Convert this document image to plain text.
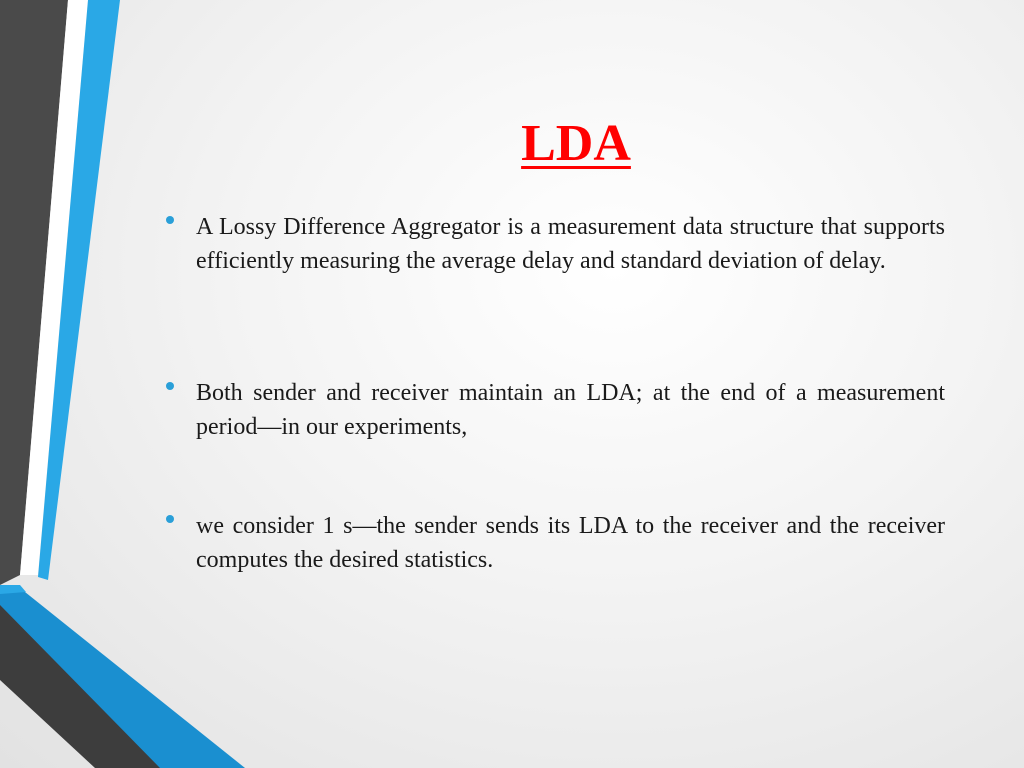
LDA
A Lossy Difference Aggregator is a measurement data structure that supports efficiently measuring the average delay and standard deviation of delay.
Both sender and receiver maintain an LDA; at the end of a measurement period—in our experiments,
we consider 1 s—the sender sends its LDA to the receiver and the receiver computes the desired statistics.
